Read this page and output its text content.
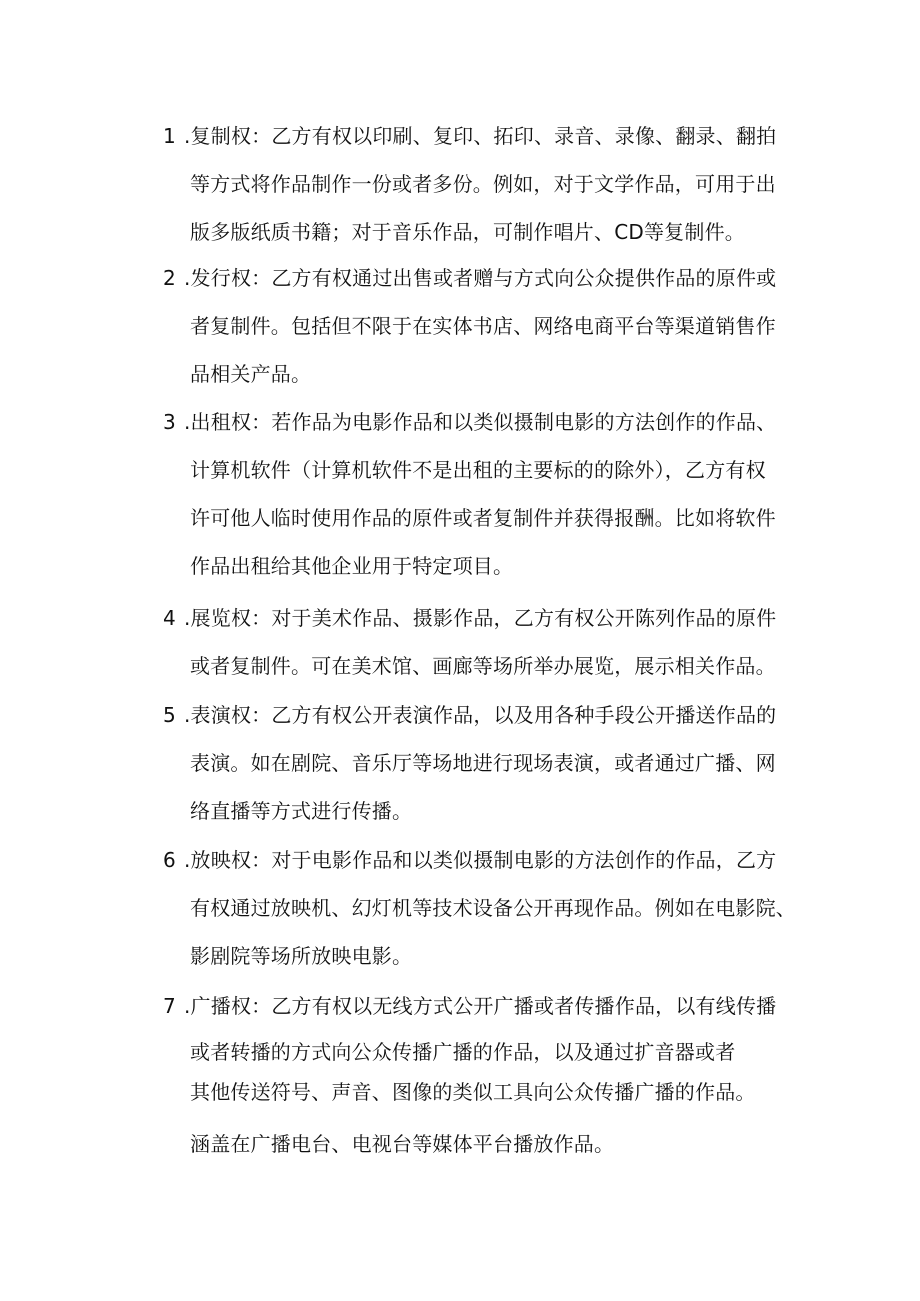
1 .复制权：乙方有权以印刷、复印、拓印、录音、录像、翻录、翻拍
等方式将作品制作一份或者多份。例如，对于文学作品，可用于出
版多版纸质书籍；对于音乐作品，可制作唱片、CD等复制件。
2 .发行权：乙方有权通过出售或者赠与方式向公众提供作品的原件或
者复制件。包括但不限于在实体书店、网络电商平台等渠道销售作
品相关产品。
3 .出租权：若作品为电影作品和以类似摄制电影的方法创作的作品、
计算机软件（计算机软件不是出租的主要标的的除外），乙方有权
许可他人临时使用作品的原件或者复制件并获得报酬。比如将软件
作品出租给其他企业用于特定项目。
4 .展览权：对于美术作品、摄影作品，乙方有权公开陈列作品的原件
或者复制件。可在美术馆、画廊等场所举办展览，展示相关作品。
5 .表演权：乙方有权公开表演作品，以及用各种手段公开播送作品的
表演。如在剧院、音乐厅等场地进行现场表演，或者通过广播、网
络直播等方式进行传播。
6 .放映权：对于电影作品和以类似摄制电影的方法创作的作品，乙方
有权通过放映机、幻灯机等技术设备公开再现作品。例如在电影院、
影剧院等场所放映电影。
7 .广播权：乙方有权以无线方式公开广播或者传播作品，以有线传播
或者转播的方式向公众传播广播的作品，以及通过扩音器或者
其他传送符号、声音、图像的类似工具向公众传播广播的作品。
涵盖在广播电台、电视台等媒体平台播放作品。
